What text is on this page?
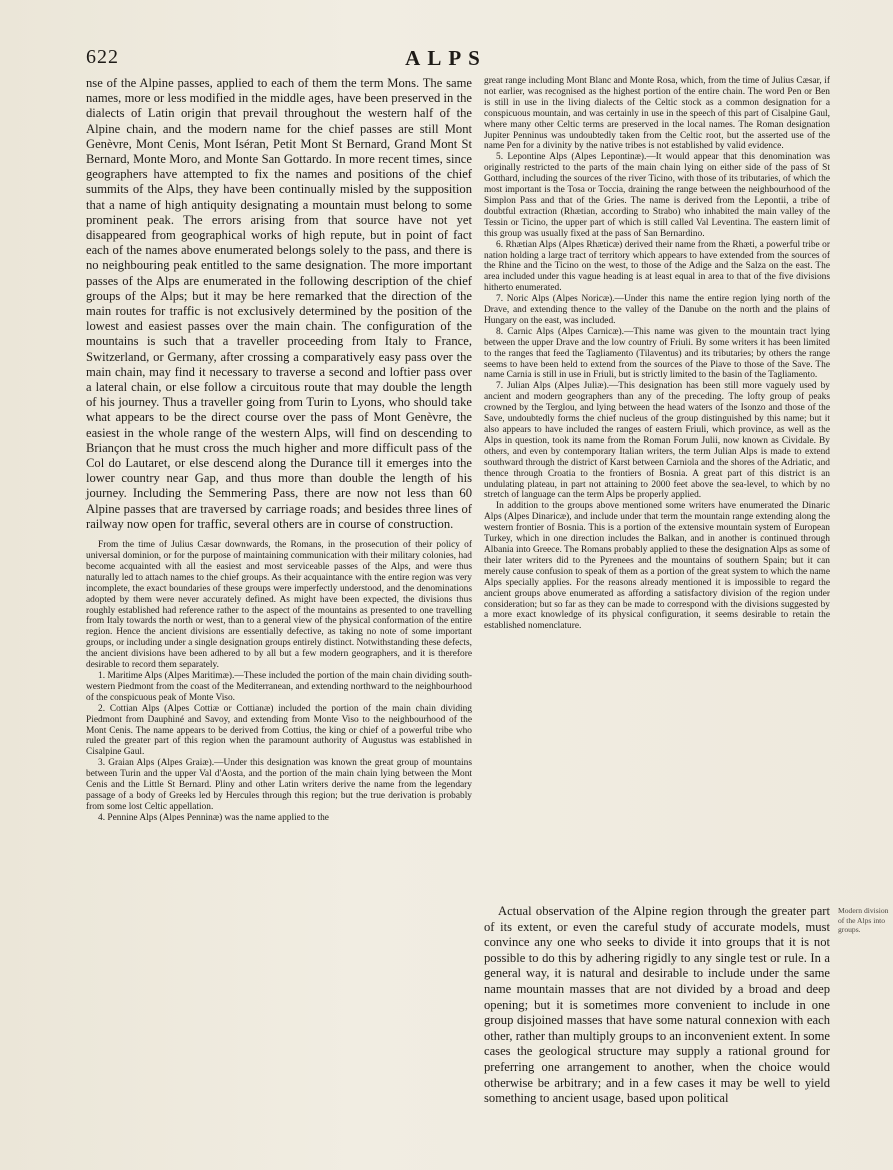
622	ALPS

nse of the Alpine passes, applied to each of them the term Mons. The same names, more or less modified in the middle ages, have been preserved in the dialects of Latin origin that prevail throughout the western half of the Alpine chain, and the modern name for the chief passes are still Mont Genèvre, Mont Cenis, Mont Iséran, Petit Mont St Bernard, Grand Mont St Bernard, Monte Moro, and Monte San Gottardo. In more recent times, since geographers have attempted to fix the names and positions of the chief summits of the Alps, they have been continually misled by the supposition that a name of high antiquity designating a mountain must belong to some prominent peak. The errors arising from that source have not yet disappeared from geographical works of high repute, but in point of fact each of the names above enumerated belongs solely to the pass, and there is no neighbouring peak entitled to the same designation. The more important passes of the Alps are enumerated in the following description of the chief groups of the Alps; but it may be here remarked that the direction of the main routes for traffic is not exclusively determined by the position of the lowest and easiest passes over the main chain. The configuration of the mountains is such that a traveller proceeding from Italy to France, Switzerland, or Germany, after crossing a comparatively easy pass over the main chain, may find it necessary to traverse a second and loftier pass over a lateral chain, or else follow a circuitous route that may double the length of his journey. Thus a traveller going from Turin to Lyons, who should take what appears to be the direct course over the pass of Mont Genèvre, the easiest in the whole range of the western Alps, will find on descending to Briançon that he must cross the much higher and more difficult pass of the Col do Lautaret, or else descend along the Durance till it emerges into the lower country near Gap, and thus more than double the length of his journey. Including the Semmering Pass, there are now not less than 60 Alpine passes that are traversed by carriage roads; and besides three lines of railway now open for traffic, several others are in course of construction.

From the time of Julius Cæsar downwards, the Romans, in the prosecution of their policy of universal dominion, or for the purpose of maintaining communication with their military colonies, had become acquainted with all the easiest and most serviceable passes of the Alps, and were thus naturally led to attach names to the chief groups. As their acquaintance with the entire region was very incomplete, the exact boundaries of these groups were imperfectly understood, and the denominations adopted by them were never accurately defined. As might have been expected, the divisions thus roughly established had reference rather to the aspect of the mountains as presented to one travelling from Italy towards the north or west, than to a general view of the physical conformation of the entire region. Hence the ancient divisions are essentially defective, as taking no note of some important groups, or including under a single designation groups entirely distinct. Notwithstanding these defects, the ancient divisions have been adhered to by all but a few modern geographers, and it is therefore desirable to record them separately.

1. Maritime Alps (Alpes Maritimæ).—These included the portion of the main chain dividing south-western Piedmont from the coast of the Mediterranean, and extending northward to the neighbourhood of the conspicuous peak of Monte Viso.

2. Cottian Alps (Alpes Cottiæ or Cottianæ) included the portion of the main chain dividing Piedmont from Dauphiné and Savoy, and extending from Monte Viso to the neighbourhood of the Mont Cenis. The name appears to be derived from Cottius, the king or chief of a powerful tribe who ruled the greater part of this region when the paramount authority of Augustus was established in Cisalpine Gaul.

3. Graian Alps (Alpes Graiæ).—Under this designation was known the great group of mountains between Turin and the upper Val d'Aosta, and the portion of the main chain lying between the Mont Cenis and the Little St Bernard. Pliny and other Latin writers derive the name from the legendary passage of a body of Greeks led by Hercules through this region; but the true derivation is probably from some lost Celtic appellation.

4. Pennine Alps (Alpes Penninæ) was the name applied to the

great range including Mont Blanc and Monte Rosa, which, from the time of Julius Cæsar, if not earlier, was recognised as the highest portion of the entire chain. The word Pen or Ben is still in use in the living dialects of the Celtic stock as a common designation for a conspicuous mountain, and was certainly in use in the speech of this part of Cisalpine Gaul, where many other Celtic terms are preserved in the local names. The Roman designation Jupiter Penninus was undoubtedly taken from the Celtic root, but the asserted use of the name Pen for a divinity by the native tribes is not established by valid evidence.

5. Lepontine Alps (Alpes Lepontinæ).—It would appear that this denomination was originally restricted to the parts of the main chain lying on either side of the pass of St Gotthard, including the sources of the river Ticino, with those of its tributaries, of which the most important is the Tosa or Toccia, draining the range between the neighbourhood of the Simplon Pass and that of the Gries. The name is derived from the Lepontii, a tribe of doubtful extraction (Rhætian, according to Strabo) who inhabited the main valley of the Tessin or Ticino, the upper part of which is still called Val Leventina. The eastern limit of this group was usually fixed at the pass of San Bernardino.

6. Rhætian Alps (Alpes Rhæticæ) derived their name from the Rhæti, a powerful tribe or nation holding a large tract of territory which appears to have extended from the sources of the Rhine and the Ticino on the west, to those of the Adige and the Salza on the east. The area included under this vague heading is at least equal in area to that of the five divisions hitherto enumerated.

7. Noric Alps (Alpes Noricæ).—Under this name the entire region lying north of the Drave, and extending thence to the valley of the Danube on the north and the plains of Hungary on the east, was included.

8. Carnic Alps (Alpes Carnicæ).—This name was given to the mountain tract lying between the upper Drave and the low country of Friuli. By some writers it has been limited to the ranges that feed the Tagliamento (Tilaventus) and its tributaries; by others the range seems to have been held to extend from the sources of the Piave to those of the Save. The name Carnia is still in use in Friuli, but is strictly limited to the basin of the Tagliamento.

7. Julian Alps (Alpes Juliæ).—This designation has been still more vaguely used by ancient and modern geographers than any of the preceding. The lofty group of peaks crowned by the Terglou, and lying between the head waters of the Isonzo and those of the Save, undoubtedly forms the chief nucleus of the group distinguished by this name; but it also appears to have included the ranges of eastern Friuli, which province, as well as the Alps in question, took its name from the Roman Forum Julii, now known as Cividale. By others, and even by contemporary Italian writers, the term Julian Alps is made to extend southward through the district of Karst between Carniola and the shores of the Adriatic, and thence through Croatia to the frontiers of Bosnia. A great part of this district is an undulating plateau, in part not attaining to 2000 feet above the sea-level, to which by no stretch of language can the term Alps be properly applied.

In addition to the groups above mentioned some writers have enumerated the Dinaric Alps (Alpes Dinaricæ), and include under that term the mountain range extending along the western frontier of Bosnia. This is a portion of the extensive mountain system of European Turkey, which in one direction includes the Balkan, and in another is continued through Albania into Greece. The Romans probably applied to these the designation Alps as some of their later writers did to the Pyrenees and the mountains of southern Spain; but it can merely cause confusion to speak of them as a portion of the great system to which the name Alps specially applies. For the reasons already mentioned it is impossible to regard the ancient groups above enumerated as affording a satisfactory division of the region under consideration; but so far as they can be made to correspond with the divisions suggested by a more exact knowledge of its physical configuration, it seems desirable to retain the established nomenclature.

Actual observation of the Alpine region through the greater part of its extent, or even the careful study of accurate models, must convince any one who seeks to divide it into groups that it is not possible to do this by adhering rigidly to any single test or rule. In a general way, it is natural and desirable to include under the same name mountain masses that are not divided by a broad and deep opening; but it is sometimes more convenient to include in one group disjoined masses that have some natural connexion with each other, rather than multiply groups to an inconvenient extent. In some cases the geological structure may supply a rational ground for preferring one arrangement to another, when the choice would otherwise be arbitrary; and in a few cases it may be well to yield something to ancient usage, based upon political

Modern division of the Alps into groups.
